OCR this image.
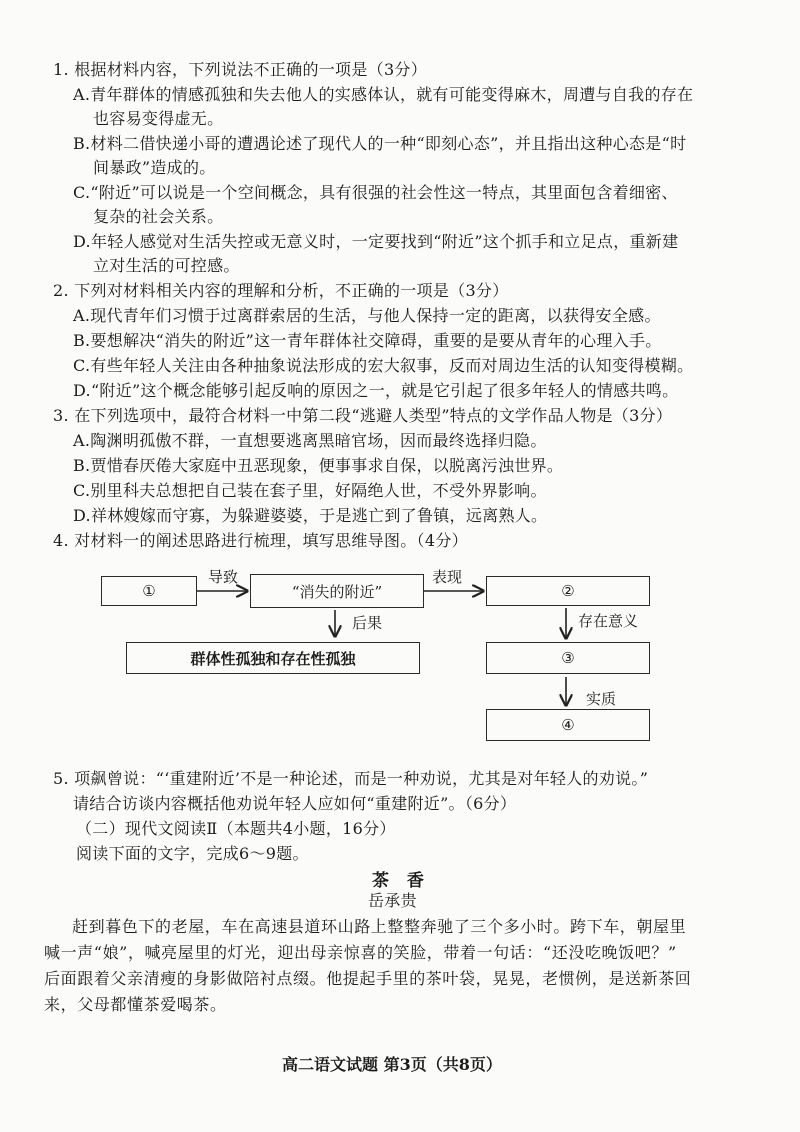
1. 根据材料内容，下列说法不正确的一项是（3分）
A.青年群体的情感孤独和失去他人的实感体认，就有可能变得麻木，周遭与自我的存在
也容易变得虚无。
B.材料二借快递小哥的遭遇论述了现代人的一种“即刻心态”，并且指出这种心态是“时
间暴政”造成的。
C.“附近”可以说是一个空间概念，具有很强的社会性这一特点，其里面包含着细密、
复杂的社会关系。
D.年轻人感觉对生活失控或无意义时，一定要找到“附近”这个抓手和立足点，重新建
立对生活的可控感。
2. 下列对材料相关内容的理解和分析，不正确的一项是（3分）
A.现代青年们习惯于过离群索居的生活，与他人保持一定的距离，以获得安全感。
B.要想解决“消失的附近”这一青年群体社交障碍，重要的是要从青年的心理入手。
C.有些年轻人关注由各种抽象说法形成的宏大叙事，反而对周边生活的认知变得模糊。
D.“附近”这个概念能够引起反响的原因之一，就是它引起了很多年轻人的情感共鸣。
3. 在下列选项中，最符合材料一中第二段“逃避人类型”特点的文学作品人物是（3分）
A.陶渊明孤傲不群，一直想要逃离黑暗官场，因而最终选择归隐。
B.贾惜春厌倦大家庭中丑恶现象，便事事求自保，以脱离污浊世界。
C.别里科夫总想把自己装在套子里，好隔绝人世，不受外界影响。
D.祥林嫂嫁而守寡，为躲避婆婆，于是逃亡到了鲁镇，远离熟人。
4. 对材料一的阐述思路进行梳理，填写思维导图。（4分）
①	“消失的附近”	②
群体性孤独和存在性孤独	③
④
导致	表现
后果	存在意义
实质
5. 项飙曾说：“‘重建附近’不是一种论述，而是一种劝说，尤其是对年轻人的劝说。”
请结合访谈内容概括他劝说年轻人应如何“重建附近”。（6分）
（二）现代文阅读Ⅱ（本题共4小题，16分）
阅读下面的文字，完成6～9题。
茶 香
岳承贵
赶到暮色下的老屋，车在高速县道环山路上整整奔驰了三个多小时。跨下车，朝屋里
喊一声“娘”，喊亮屋里的灯光，迎出母亲惊喜的笑脸，带着一句话：“还没吃晚饭吧？”
后面跟着父亲清瘦的身影做陪衬点缀。他提起手里的茶叶袋，晃晃，老惯例，是送新茶回
来，父母都懂茶爱喝茶。
高二语文试题 第3页（共8页）
